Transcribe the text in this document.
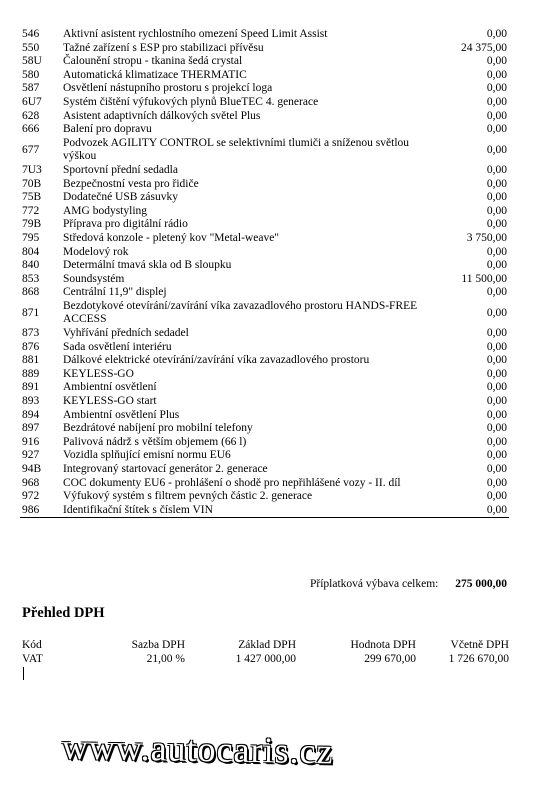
546	Aktivní asistent rychlostního omezení Speed Limit Assist	0,00
550	Tažné zařízení s ESP pro stabilizaci přívěsu	24 375,00
58U	Čalounění stropu - tkanina šedá crystal	0,00
580	Automatická klimatizace THERMATIC	0,00
587	Osvětlení nástupního prostoru s projekcí loga	0,00
6U7	Systém čištění výfukových plynů BlueTEC 4. generace	0,00
628	Asistent adaptivních dálkových světel Plus	0,00
666	Balení pro dopravu	0,00
677	Podvozek AGILITY CONTROL se selektivními tlumiči a sníženou světlou výškou	0,00
7U3	Sportovní přední sedadla	0,00
70B	Bezpečnostní vesta pro řidiče	0,00
75B	Dodatečné USB zásuvky	0,00
772	AMG bodystyling	0,00
79B	Příprava pro digitální rádio	0,00
795	Středová konzole - pletený kov "Metal-weave"	3 750,00
804	Modelový rok	0,00
840	Determální tmavá skla od B sloupku	0,00
853	Soundsystém	11 500,00
868	Centrální 11,9" displej	0,00
871	Bezdotykové otevírání/zavírání víka zavazadlového prostoru HANDS-FREE ACCESS	0,00
873	Vyhřívání předních sedadel	0,00
876	Sada osvětlení interiéru	0,00
881	Dálkové elektrické otevírání/zavírání víka zavazadlového prostoru	0,00
889	KEYLESS-GO	0,00
891	Ambientní osvětlení	0,00
893	KEYLESS-GO start	0,00
894	Ambientní osvětlení Plus	0,00
897	Bezdrátové nabíjení pro mobilní telefony	0,00
916	Palivová nádrž s větším objemem (66 l)	0,00
927	Vozidla splňující emisní normu EU6	0,00
94B	Integrovaný startovací generátor 2. generace	0,00
968	COC dokumenty EU6 - prohlášení o shodě pro nepřihlášené vozy - II. díl	0,00
972	Výfukový systém s filtrem pevných částic 2. generace	0,00
986	Identifikační štítek s číslem VIN	0,00
Příplatková výbava celkem: 275 000,00
Přehled DPH
Kód	Sazba DPH	Základ DPH	Hodnota DPH	Včetně DPH
VAT	21,00 %	1 427 000,00	299 670,00	1 726 670,00
www.autocaris.cz
